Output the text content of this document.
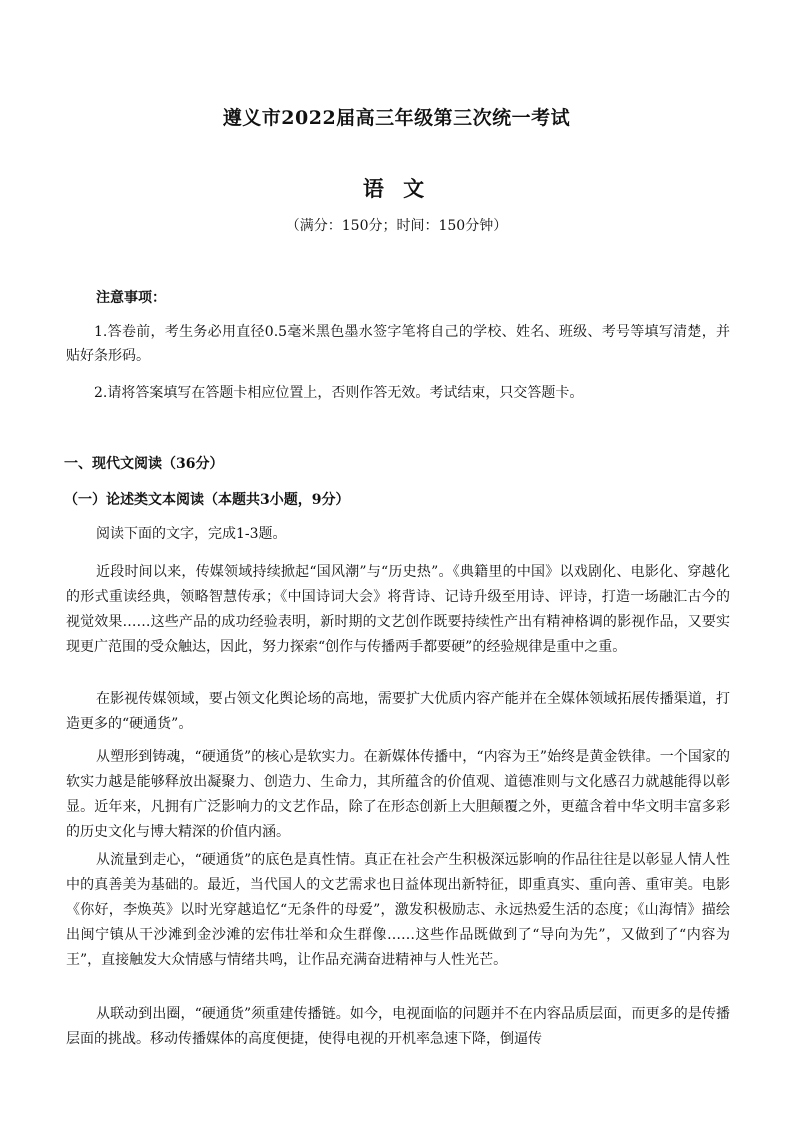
遵义市2022届高三年级第三次统一考试
语 文
（满分：150分；时间：150分钟）
注意事项：
1.答卷前，考生务必用直径0.5毫米黑色墨水签字笔将自己的学校、姓名、班级、考号等填写清楚，并贴好条形码。
2.请将答案填写在答题卡相应位置上，否则作答无效。考试结束，只交答题卡。
一、现代文阅读（36分）
（一）论述类文本阅读（本题共3小题，9分）
阅读下面的文字，完成1-3题。
近段时间以来，传媒领域持续掀起“国风潮”与“历史热”。《典籍里的中国》以戏剧化、电影化、穿越化的形式重读经典，领略智慧传承；《中国诗词大会》将背诗、记诗升级至用诗、评诗，打造一场融汇古今的视觉效果……这些产品的成功经验表明，新时期的文艺创作既要持续性产出有精神格调的影视作品，又要实现更广范围的受众触达，因此，努力探索“创作与传播两手都要硬”的经验规律是重中之重。
在影视传媒领域，要占领文化舆论场的高地，需要扩大优质内容产能并在全媒体领域拓展传播渠道，打造更多的“硬通货”。
从塑形到铸魂，“硬通货”的核心是软实力。在新媒体传播中，“内容为王”始终是黄金铁律。一个国家的软实力越是能够释放出凝聚力、创造力、生命力，其所蕴含的价值观、道德准则与文化感召力就越能得以彰显。近年来，凡拥有广泛影响力的文艺作品，除了在形态创新上大胆颠覆之外，更蕴含着中华文明丰富多彩的历史文化与博大精深的价值内涵。
从流量到走心，“硬通货”的底色是真性情。真正在社会产生积极深远影响的作品往往是以彰显人情人性中的真善美为基础的。最近，当代国人的文艺需求也日益体现出新特征，即重真实、重向善、重审美。电影《你好，李焕英》以时光穿越追忆“无条件的母爱”，激发积极励志、永远热爱生活的态度；《山海情》描绘出闽宁镇从干沙滩到金沙滩的宏伟壮举和众生群像……这些作品既做到了“导向为先”，又做到了“内容为王”，直接触发大众情感与情绪共鸣，让作品充满奋进精神与人性光芒。
从联动到出圈，“硬通货”须重建传播链。如今，电视面临的问题并不在内容品质层面，而更多的是传播层面的挑战。移动传播媒体的高度便捷，使得电视的开机率急速下降，倒逼传
